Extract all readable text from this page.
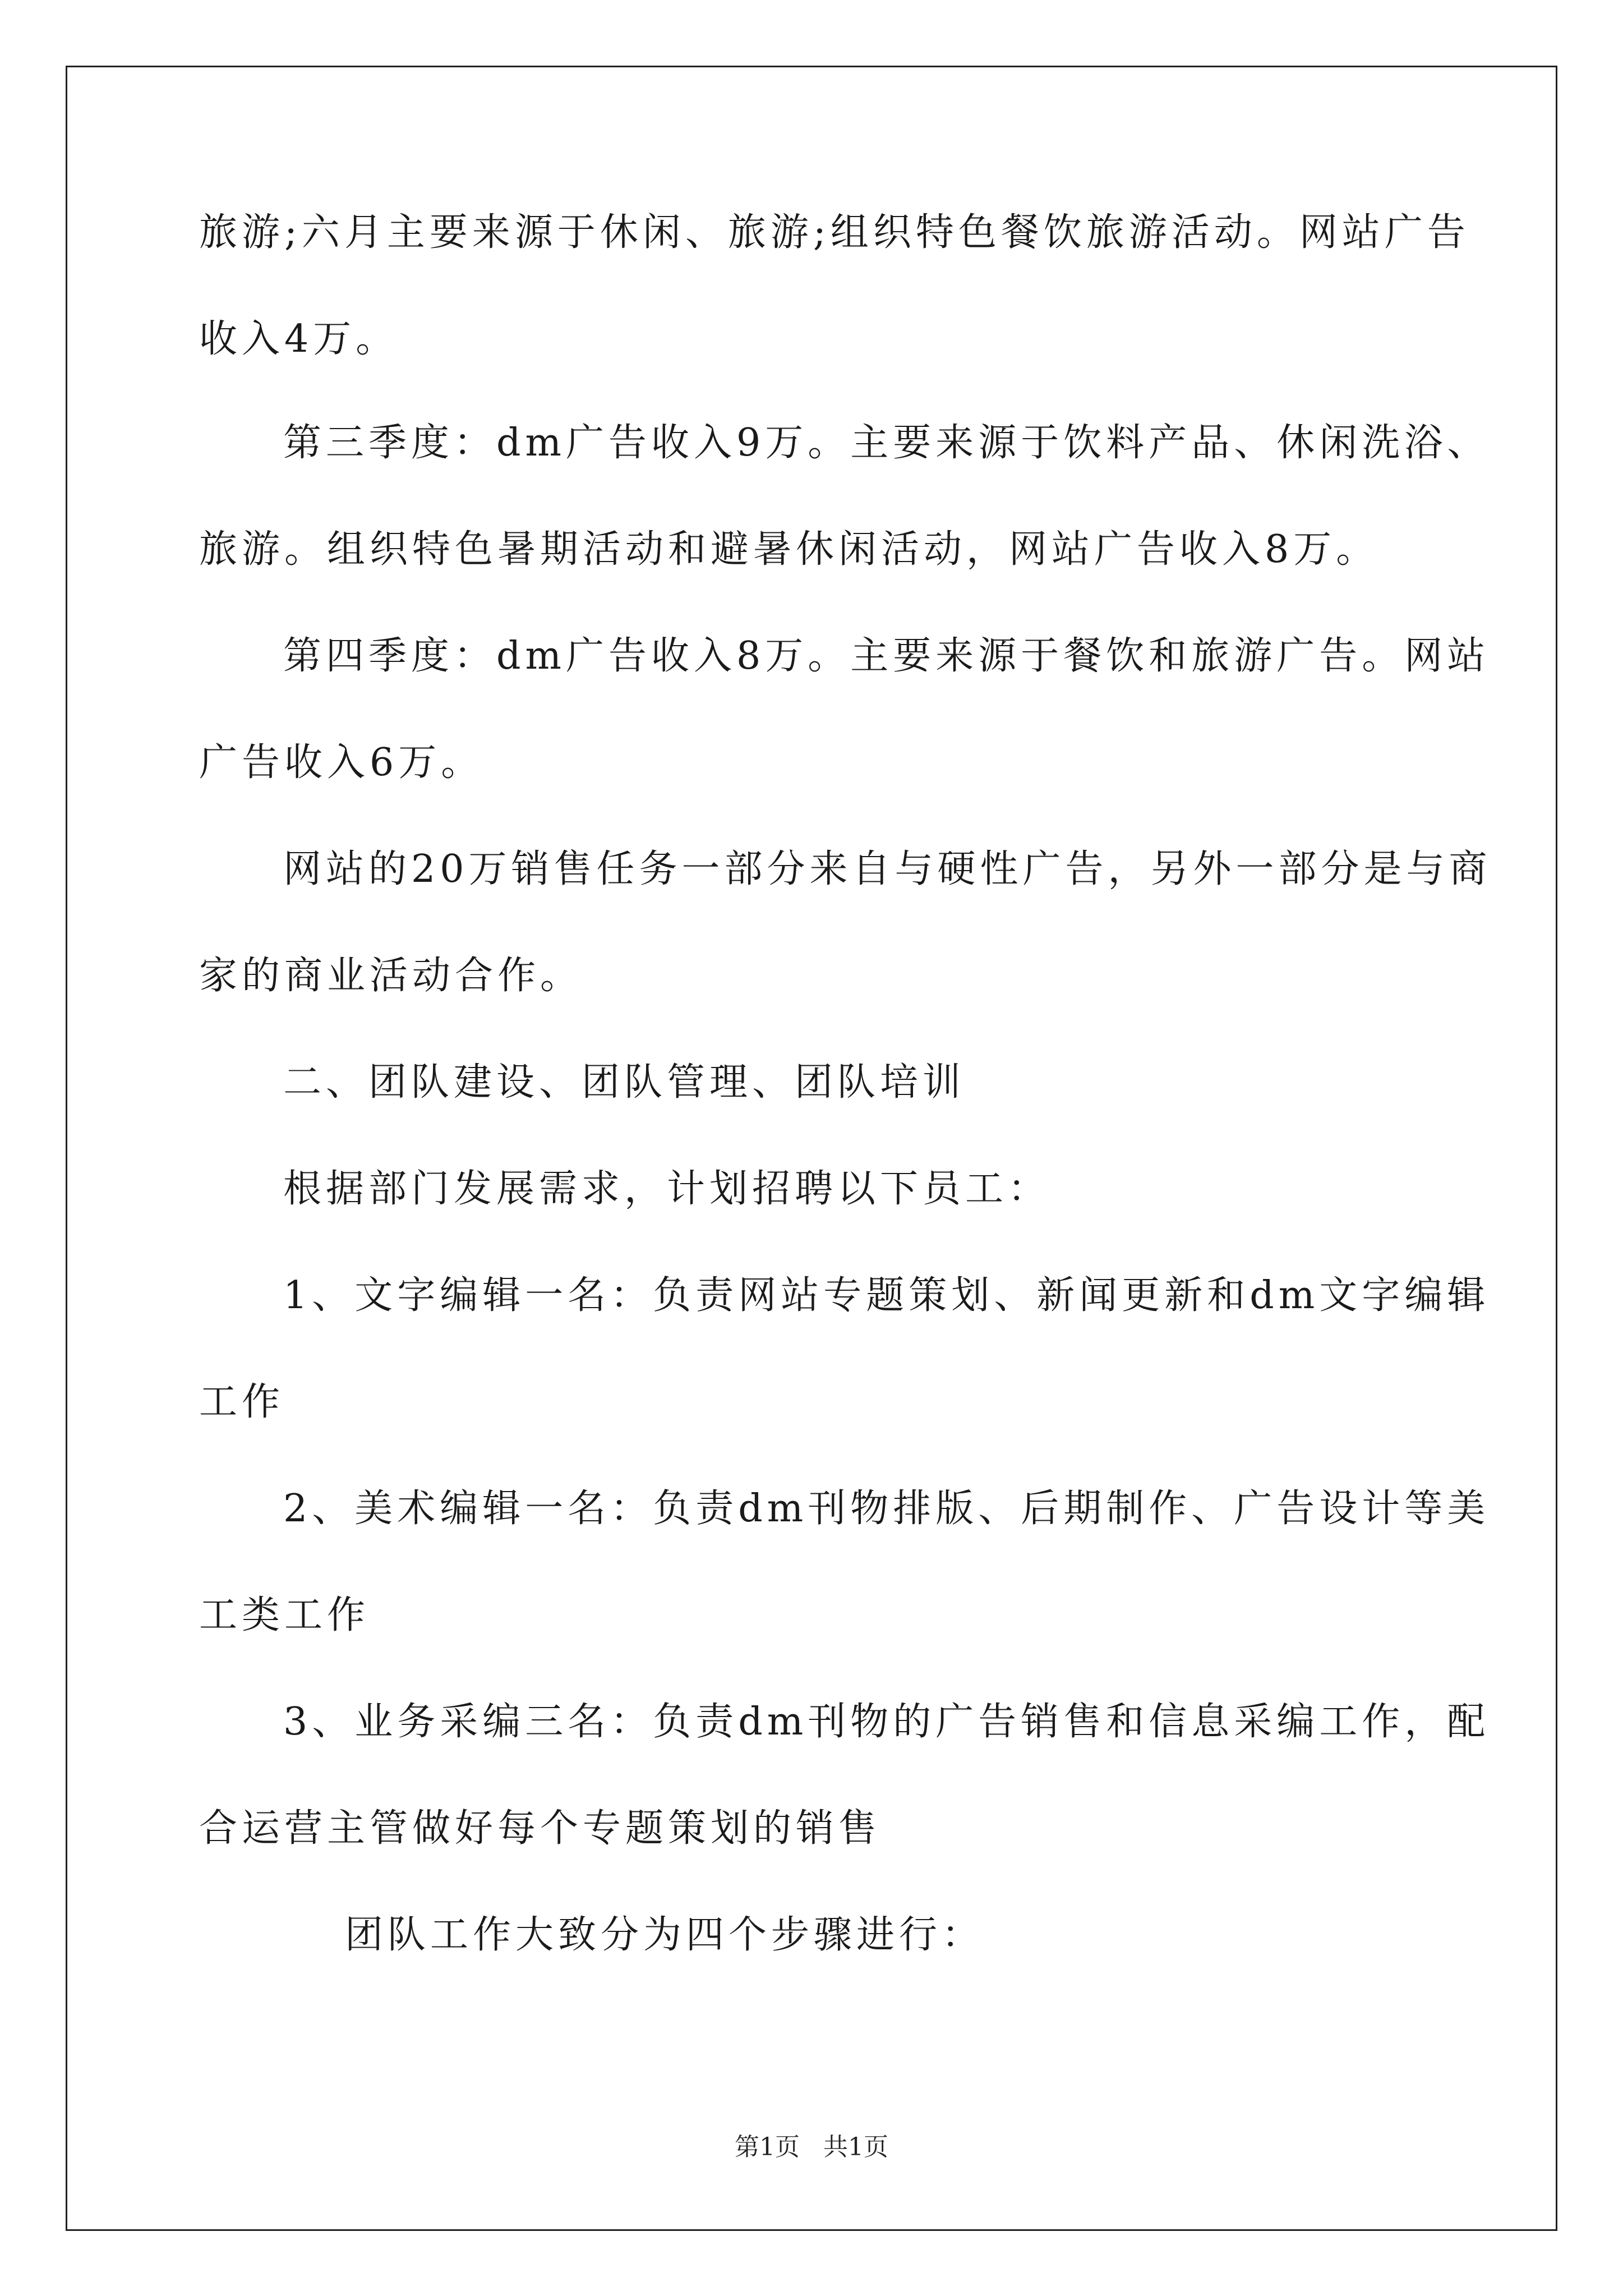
旅游;六月主要来源于休闲、旅游;组织特色餐饮旅游活动。网站广告
收入4万。
第三季度：dm广告收入9万。主要来源于饮料产品、休闲洗浴、
旅游。组织特色暑期活动和避暑休闲活动，网站广告收入8万。
第四季度：dm广告收入8万。主要来源于餐饮和旅游广告。网站
广告收入6万。
网站的20万销售任务一部分来自与硬性广告，另外一部分是与商
家的商业活动合作。
二、团队建设、团队管理、团队培训
根据部门发展需求，计划招聘以下员工：
1、文字编辑一名：负责网站专题策划、新闻更新和dm文字编辑
工作
2、美术编辑一名：负责dm刊物排版、后期制作、广告设计等美
工类工作
3、业务采编三名：负责dm刊物的广告销售和信息采编工作，配
合运营主管做好每个专题策划的销售
团队工作大致分为四个步骤进行：
第1页 共1页
